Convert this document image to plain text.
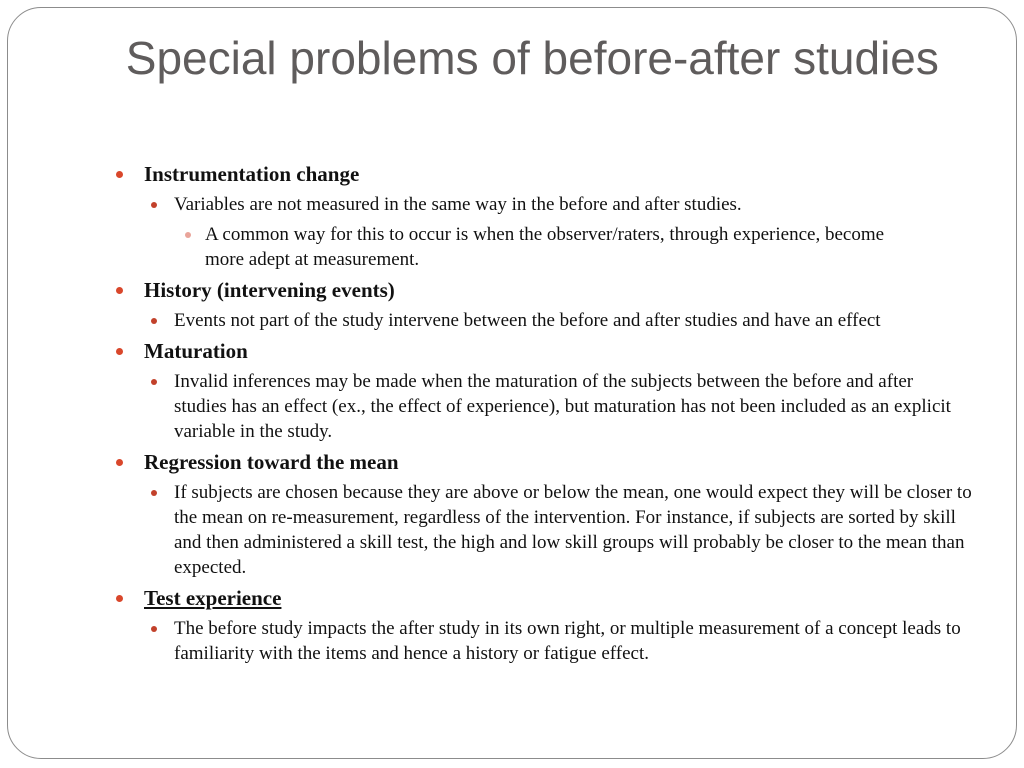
Special problems of before-after studies
Instrumentation change
Variables are not measured in the same way in the before and after studies.
A common way for this to occur is when the observer/raters, through experience, become more adept at measurement.
History (intervening events)
Events not part of the study intervene between the before and after studies and have an effect
Maturation
Invalid inferences may be made when the maturation of the subjects between the before and after studies has an effect (ex., the effect of experience), but maturation has not been included as an explicit variable in the study.
Regression toward the mean
If subjects are chosen because they are above or below the mean, one would expect they will be closer to the mean on re-measurement, regardless of the intervention. For instance, if subjects are sorted by skill and then administered a skill test, the high and low skill groups will probably be closer to the mean than expected.
Test experience
The before study impacts the after study in its own right, or multiple measurement of a concept leads to familiarity with the items and hence a history or fatigue effect.
